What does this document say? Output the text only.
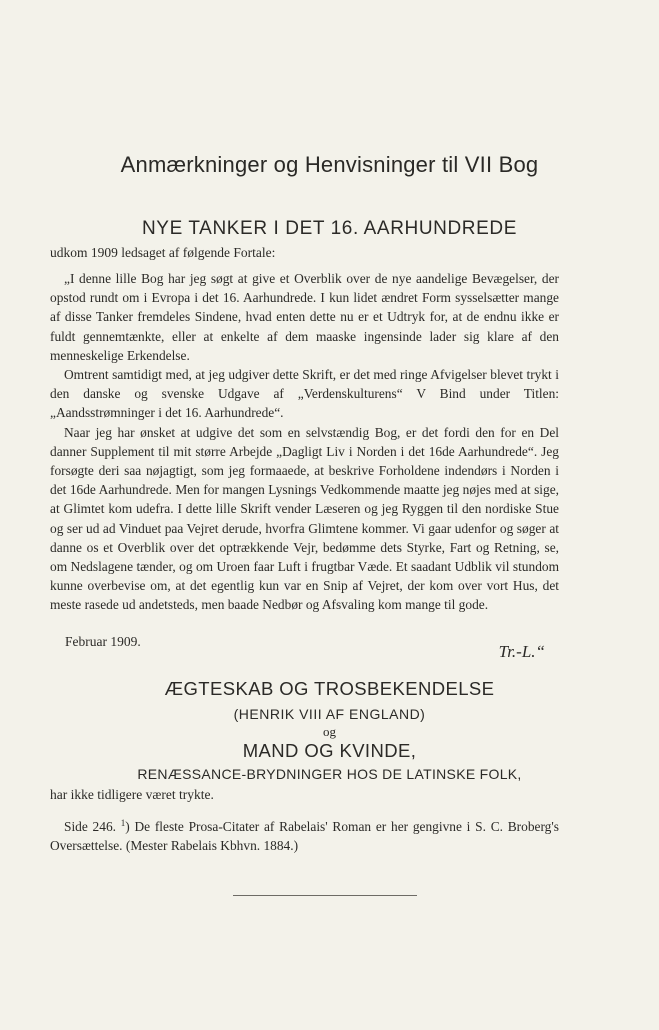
Anmærkninger og Henvisninger til VII Bog
NYE TANKER I DET 16. AARHUNDREDE
udkom 1909 ledsaget af følgende Fortale:

„I denne lille Bog har jeg søgt at give et Overblik over de nye aandelige Bevægelser, der opstod rundt om i Evropa i det 16. Aarhundrede. I kun lidet ændret Form sysselsætter mange af disse Tanker fremdeles Sindene, hvad enten dette nu er et Udtryk for, at de endnu ikke er fuldt gennemtænkte, eller at enkelte af dem maaske ingensinde lader sig klare af den menneskelige Erkendelse.

Omtrent samtidigt med, at jeg udgiver dette Skrift, er det med ringe Afvigelser blevet trykt i den danske og svenske Udgave af „Verdenskulturens“ V Bind under Titlen: „Aandsstrømninger i det 16. Aarhundrede“.

Naar jeg har ønsket at udgive det som en selvstændig Bog, er det fordi den for en Del danner Supplement til mit større Arbejde „Dagligt Liv i Norden i det 16de Aarhundrede“. Jeg forsøgte deri saa nøjagtigt, som jeg formaaede, at beskrive Forholdene indendørs i Norden i det 16de Aarhundrede. Men for mangen Lysnings Vedkommende maatte jeg nøjes med at sige, at Glimtet kom udefra. I dette lille Skrift vender Læseren og jeg Ryggen til den nordiske Stue og ser ud ad Vinduet paa Vejret derude, hvorfra Glimtene kommer. Vi gaar udenfor og søger at danne os et Overblik over det optrækkende Vejr, bedømme dets Styrke, Fart og Retning, se, om Nedslagene tænder, og om Uroen faar Luft i frugtbar Væde. Et saadant Udblik vil stundom kunne overbevise om, at det egentlig kun var en Snip af Vejret, der kom over vort Hus, det meste rasede ud andetsteds, men baade Nedbør og Afsvaling kom mange til gode.

Februar 1909.
Tr.-L.“
ÆGTESKAB OG TROSBEKENDELSE
(HENRIK VIII AF ENGLAND)
og
MAND OG KVINDE,
RENÆSSANCE-BRYDNINGER HOS DE LATINSKE FOLK,
har ikke tidligere været trykte.

Side 246. $^1$) De fleste Prosa-Citater af Rabelais' Roman er her gengivne i S. C. Broberg's Oversættelse. (Mester Rabelais Kbhvn. 1884.)
